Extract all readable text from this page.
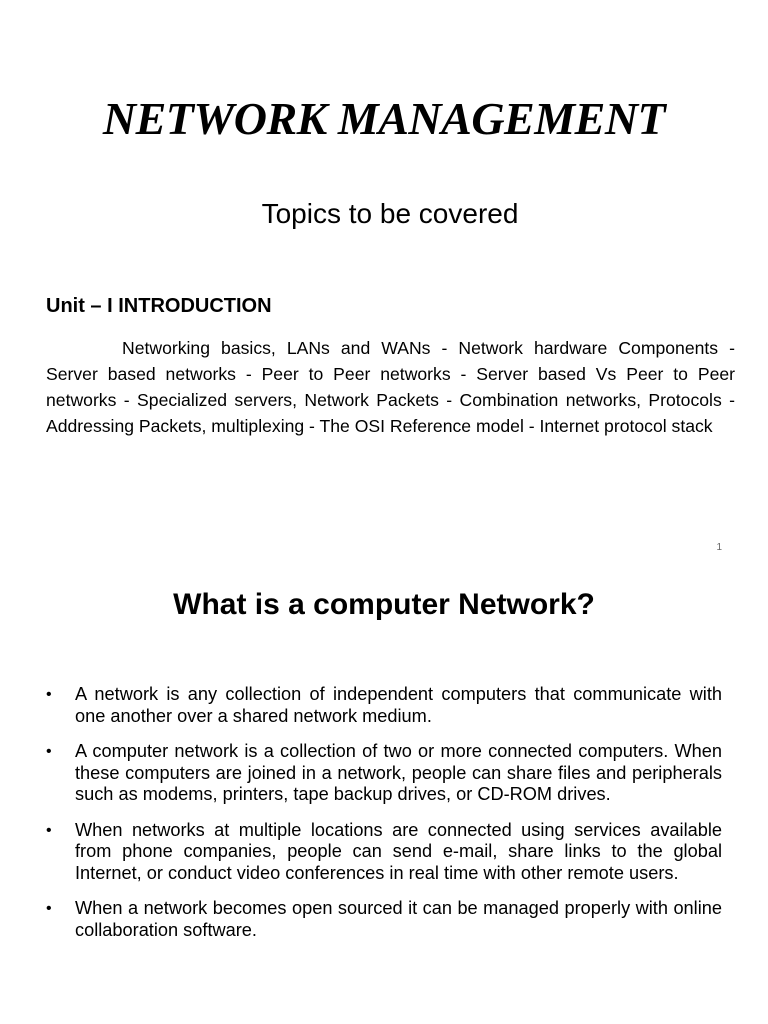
NETWORK MANAGEMENT
Topics to be covered
Unit – I INTRODUCTION
Networking basics, LANs and WANs - Network hardware Components - Server based networks - Peer to Peer networks - Server based Vs Peer to Peer networks - Specialized servers, Network Packets - Combination networks, Protocols - Addressing Packets, multiplexing - The OSI Reference model - Internet protocol stack
1
What is a computer Network?
• A network is any collection of independent computers that communicate with one another over a shared network medium.
• A computer network is a collection of two or more connected computers. When these computers are joined in a network, people can share files and peripherals such as modems, printers, tape backup drives, or CD-ROM drives.
• When networks at multiple locations are connected using services available from phone companies, people can send e-mail, share links to the global Internet, or conduct video conferences in real time with other remote users.
• When a network becomes open sourced it can be managed properly with online collaboration software.
